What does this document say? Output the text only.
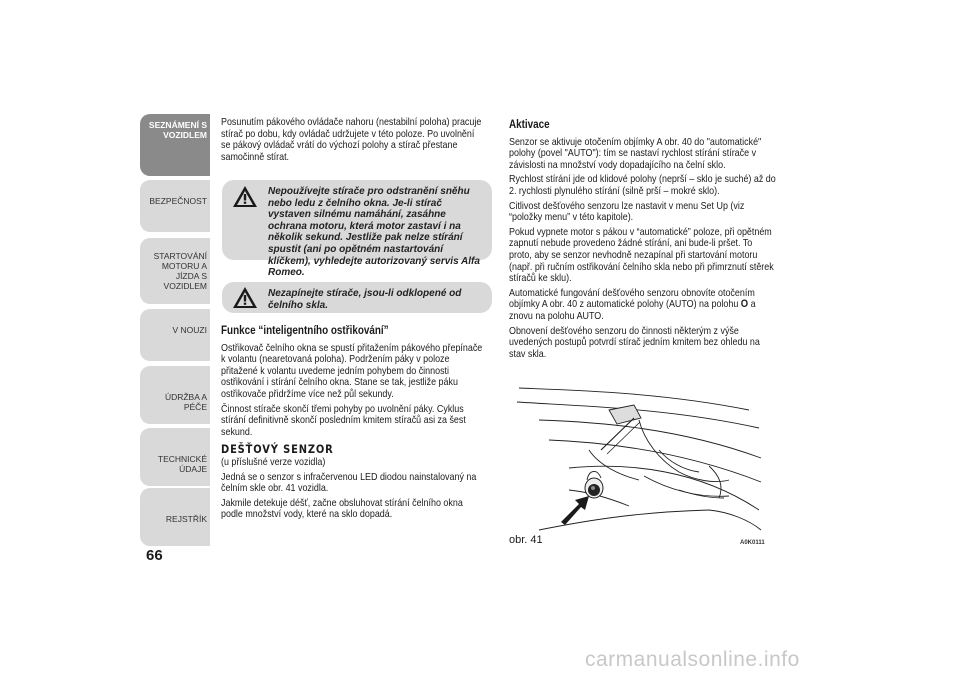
SEZNÁMENÍ S VOZIDLEM
BEZPEČNOST
STARTOVÁNÍ MOTORU A JÍZDA S VOZIDLEM
V NOUZI
ÚDRŽBA A PÉČE
TECHNICKÉ ÚDAJE
REJSTŘÍK
66

Posunutím pákového ovládače nahoru (nestabilní poloha) pracuje stírač po dobu, kdy ovládač udržujete v této poloze. Po uvolnění se pákový ovládač vrátí do výchozí polohy a stírač přestane samočinně stírat.

Nepoužívejte stírače pro odstranění sněhu nebo ledu z čelního okna. Je-li stírač vystaven silnému namáhání, zasáhne ochrana motoru, která motor zastaví i na několik sekund. Jestliže pak nelze stírání spustit (ani po opětném nastartování klíčkem), vyhledejte autorizovaný servis Alfa Romeo.
Nezapínejte stírače, jsou-li odklopené od čelního skla.

Funkce “inteligentního ostřikování”

Ostřikovač čelního okna se spustí přitažením pákového přepínače k volantu (nearetovaná poloha). Podržením páky v poloze přitažené k volantu uvedeme jedním pohybem do činnosti ostřikování i stírání čelního okna. Stane se tak, jestliže páku ostřikovače přidržíme více než půl sekundy.

Činnost stírače skončí třemi pohyby po uvolnění páky. Cyklus stírání definitivně skončí posledním kmitem stíračů asi za šest sekund.

DEŠŤOVÝ SENZOR

(u příslušné verze vozidla)

Jedná se o senzor s infračervenou LED diodou nainstalovaný na čelním skle obr. 41 vozidla.

Jakmile detekuje déšť, začne obsluhovat stírání čelního okna podle množství vody, které na sklo dopadá.

Aktivace

Senzor se aktivuje otočením objímky A obr. 40 do "automatické" polohy (povel "AUTO"): tím se nastaví rychlost stírání stírače v závislosti na množství vody dopadajícího na čelní sklo.

Rychlost stírání jde od klidové polohy (neprší – sklo je suché) až do 2. rychlosti plynulého stírání (silně prší – mokré sklo).

Citlivost dešťového senzoru lze nastavit v menu Set Up (viz “položky menu” v této kapitole).

Pokud vypnete motor s pákou v “automatické” poloze, při opětném zapnutí nebude provedeno žádné stírání, ani bude-li pršet. To proto, aby se senzor nevhodně nezapínal při startování motoru (např. při ručním ostřikování čelního skla nebo při přimrznutí stěrek stíračů ke sklu).

Automatické fungování dešťového senzoru obnovíte otočením objímky A obr. 40 z automatické polohy (AUTO) na polohu O a znovu na polohu AUTO.

Obnovení dešťového senzoru do činnosti některým z výše uvedených postupů potvrdí stírač jedním kmitem bez ohledu na stav skla.

obr. 41	A0K0111
carmanualsonline.info
